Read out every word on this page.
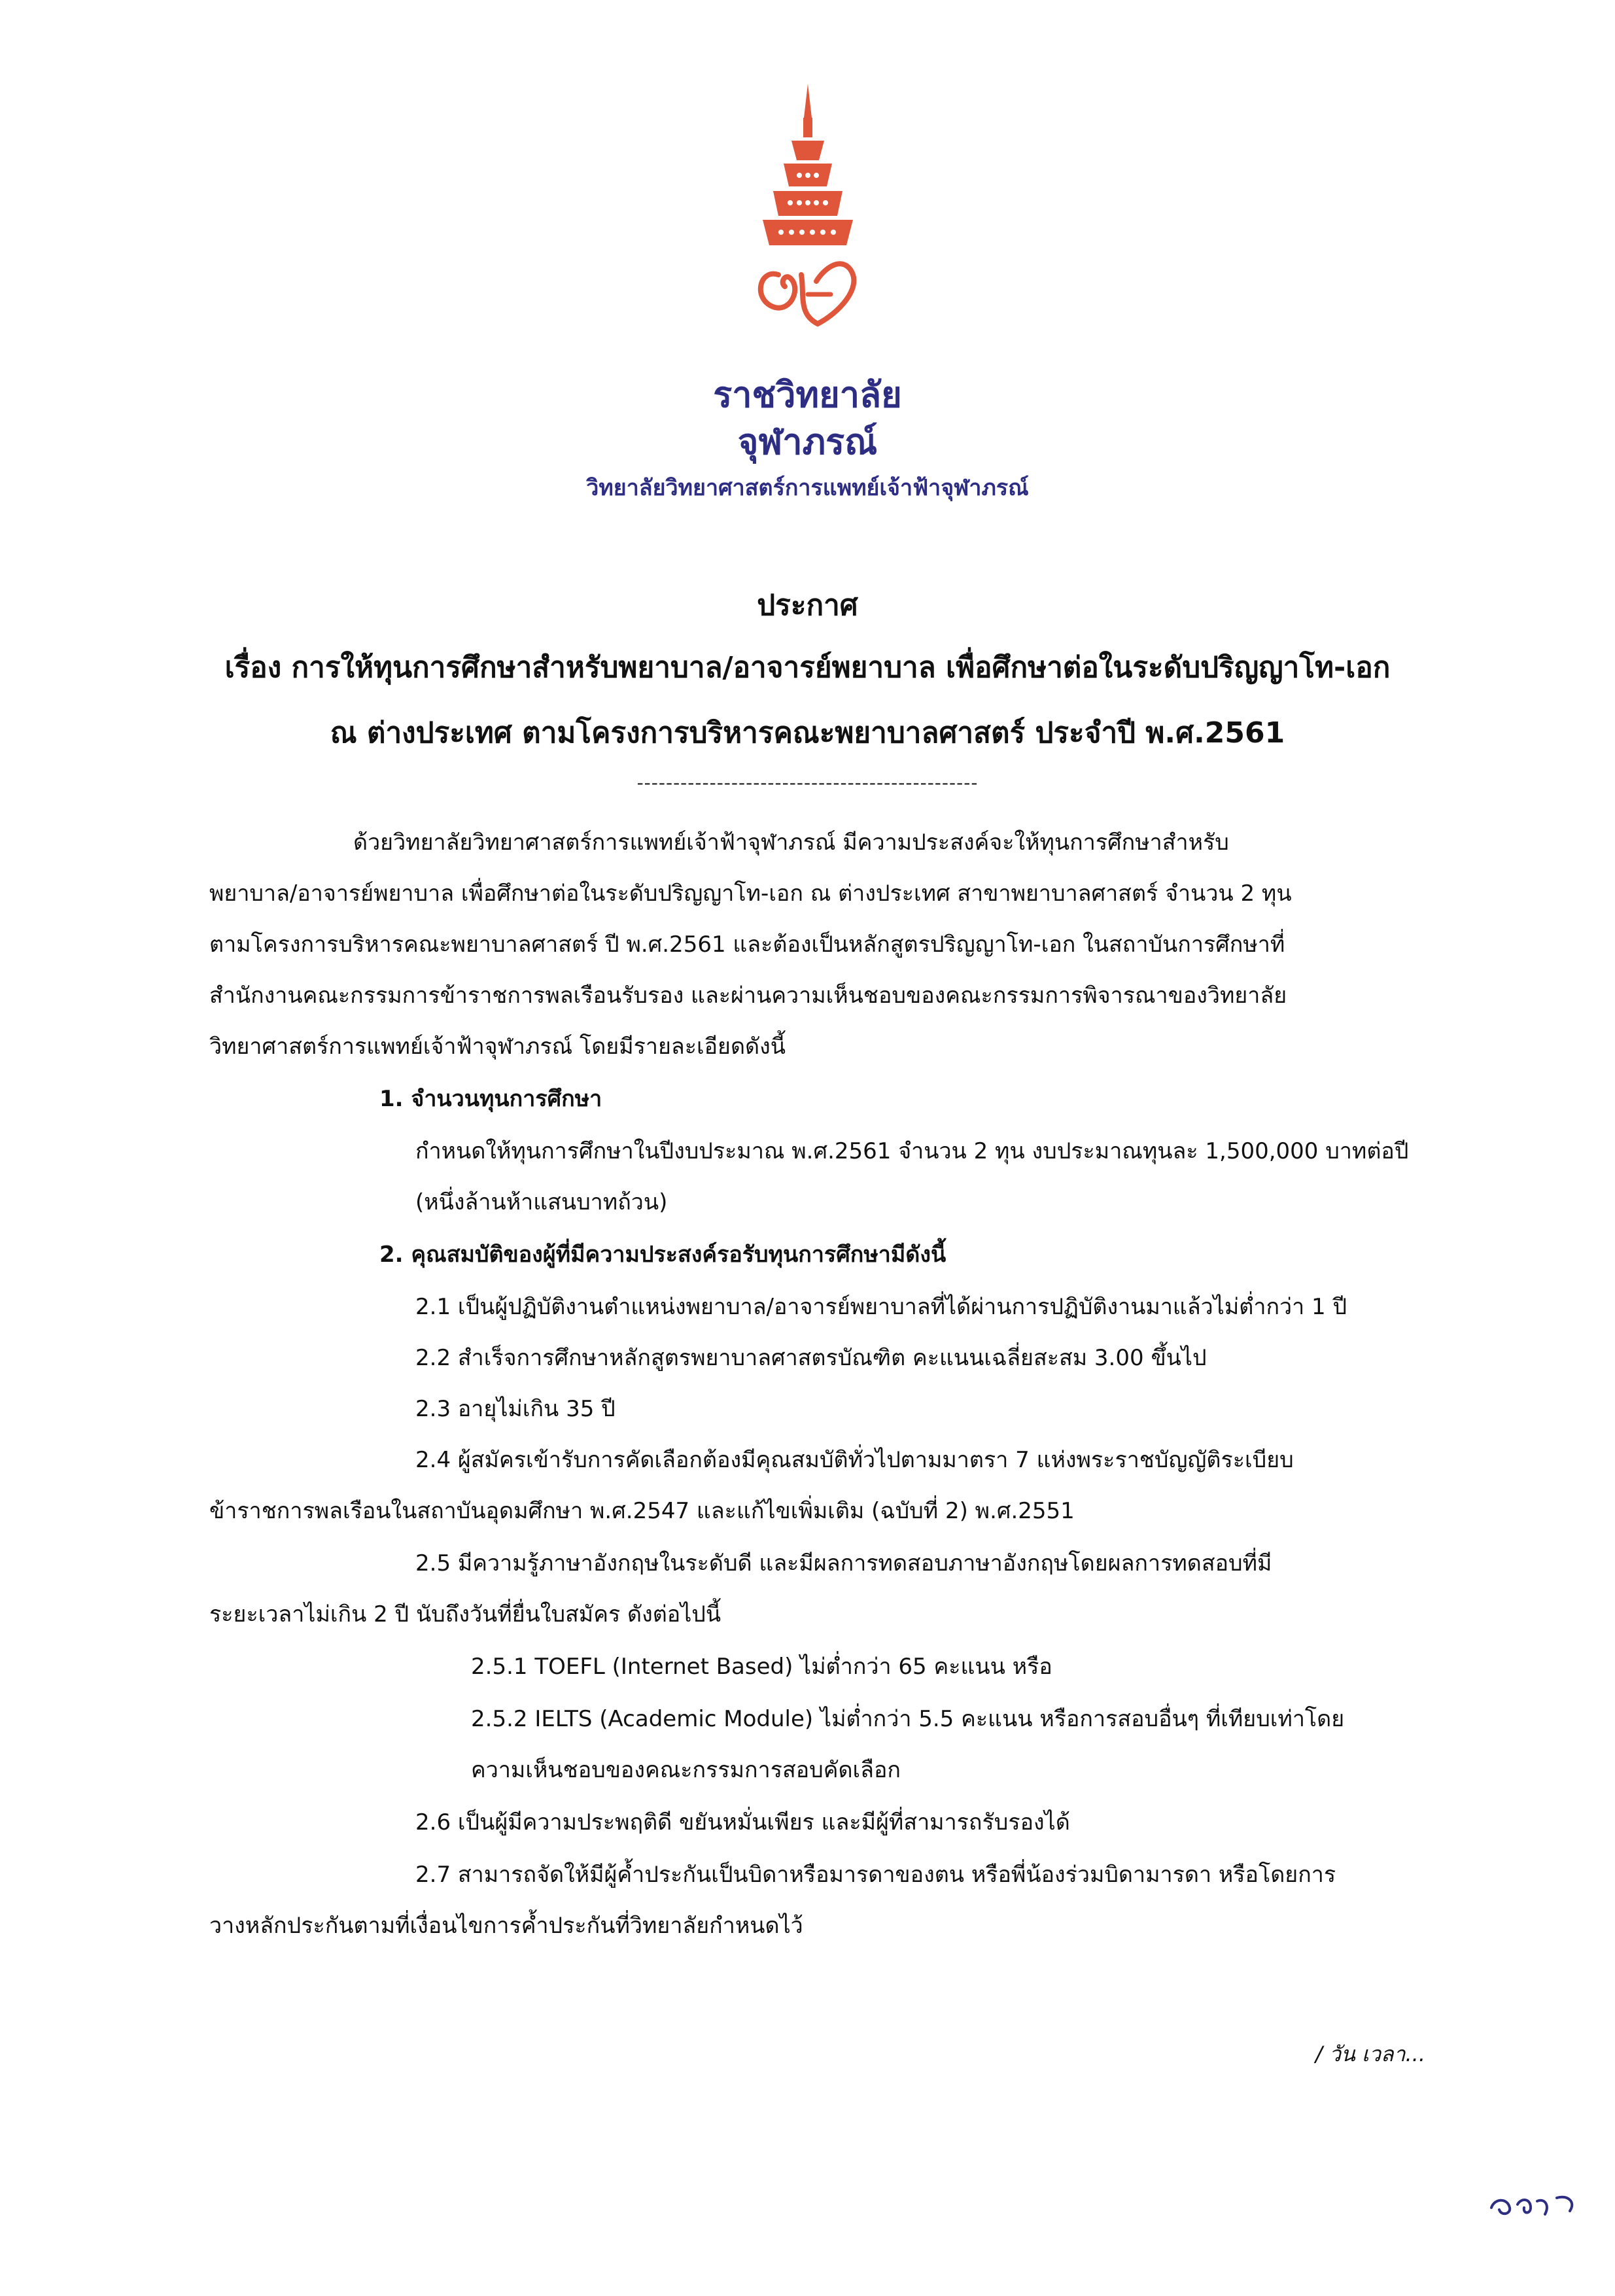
ราชวิทยาลัย
จุฬาภรณ์
วิทยาลัยวิทยาศาสตร์การแพทย์เจ้าฟ้าจุฬาภรณ์
ประกาศ
เรื่อง การให้ทุนการศึกษาสำหรับพยาบาล/อาจารย์พยาบาล เพื่อศึกษาต่อในระดับปริญญาโท-เอก
ณ ต่างประเทศ ตามโครงการบริหารคณะพยาบาลศาสตร์ ประจำปี พ.ศ.2561
-----------------------------------------------
ด้วยวิทยาลัยวิทยาศาสตร์การแพทย์เจ้าฟ้าจุฬาภรณ์ มีความประสงค์จะให้ทุนการศึกษาสำหรับ
พยาบาล/อาจารย์พยาบาล เพื่อศึกษาต่อในระดับปริญญาโท-เอก ณ ต่างประเทศ สาขาพยาบาลศาสตร์ จำนวน 2 ทุน
ตามโครงการบริหารคณะพยาบาลศาสตร์ ปี พ.ศ.2561 และต้องเป็นหลักสูตรปริญญาโท-เอก ในสถาบันการศึกษาที่
สำนักงานคณะกรรมการข้าราชการพลเรือนรับรอง และผ่านความเห็นชอบของคณะกรรมการพิจารณาของวิทยาลัย
วิทยาศาสตร์การแพทย์เจ้าฟ้าจุฬาภรณ์ โดยมีรายละเอียดดังนี้
1. จำนวนทุนการศึกษา
กำหนดให้ทุนการศึกษาในปีงบประมาณ พ.ศ.2561 จำนวน 2 ทุน งบประมาณทุนละ 1,500,000 บาทต่อปี
(หนึ่งล้านห้าแสนบาทถ้วน)
2. คุณสมบัติของผู้ที่มีความประสงค์รอรับทุนการศึกษามีดังนี้
2.1 เป็นผู้ปฏิบัติงานตำแหน่งพยาบาล/อาจารย์พยาบาลที่ได้ผ่านการปฏิบัติงานมาแล้วไม่ต่ำกว่า 1 ปี
2.2 สำเร็จการศึกษาหลักสูตรพยาบาลศาสตรบัณฑิต คะแนนเฉลี่ยสะสม 3.00 ขึ้นไป
2.3 อายุไม่เกิน 35 ปี
2.4 ผู้สมัครเข้ารับการคัดเลือกต้องมีคุณสมบัติทั่วไปตามมาตรา 7 แห่งพระราชบัญญัติระเบียบ
ข้าราชการพลเรือนในสถาบันอุดมศึกษา พ.ศ.2547 และแก้ไขเพิ่มเติม (ฉบับที่ 2) พ.ศ.2551
2.5 มีความรู้ภาษาอังกฤษในระดับดี และมีผลการทดสอบภาษาอังกฤษโดยผลการทดสอบที่มี
ระยะเวลาไม่เกิน 2 ปี นับถึงวันที่ยื่นใบสมัคร ดังต่อไปนี้
2.5.1 TOEFL (Internet Based) ไม่ต่ำกว่า 65 คะแนน หรือ
2.5.2 IELTS (Academic Module) ไม่ต่ำกว่า 5.5 คะแนน หรือการสอบอื่นๆ ที่เทียบเท่าโดย
ความเห็นชอบของคณะกรรมการสอบคัดเลือก
2.6 เป็นผู้มีความประพฤติดี ขยันหมั่นเพียร และมีผู้ที่สามารถรับรองได้
2.7 สามารถจัดให้มีผู้ค้ำประกันเป็นบิดาหรือมารดาของตน หรือพี่น้องร่วมบิดามารดา หรือโดยการ
วางหลักประกันตามที่เงื่อนไขการค้ำประกันที่วิทยาลัยกำหนดไว้
/ วัน เวลา...
